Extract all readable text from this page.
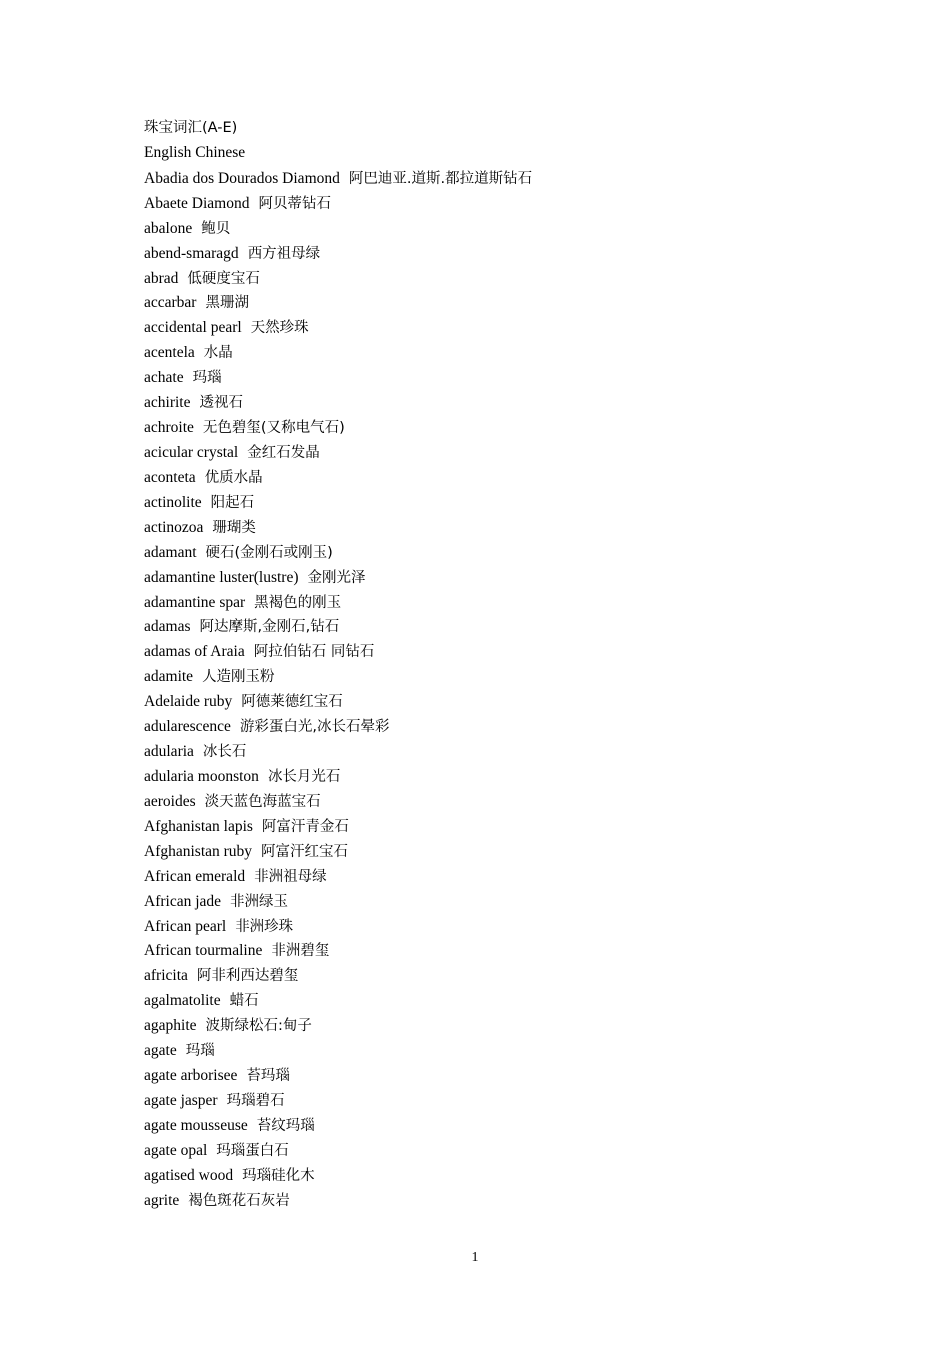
珠宝词汇(A-E)
English Chinese
Abadia dos Dourados Diamond 阿巴迪亚.道斯.都拉道斯钻石
Abaete Diamond 阿贝蒂钻石
abalone 鲍贝
abend-smaragd 西方祖母绿
abrad 低硬度宝石
accarbar 黑珊湖
accidental pearl 天然珍珠
acentela 水晶
achate 玛瑙
achirite 透视石
achroite 无色碧玺(又称电气石)
acicular crystal 金红石发晶
aconteta 优质水晶
actinolite 阳起石
actinozoa 珊瑚类
adamant 硬石(金刚石或刚玉)
adamantine luster(lustre) 金刚光泽
adamantine spar 黑褐色的刚玉
adamas 阿达摩斯,金刚石,钻石
adamas of Araia 阿拉伯钻石 同钻石
adamite 人造刚玉粉
Adelaide ruby 阿德莱德红宝石
adularescence 游彩蛋白光,冰长石晕彩
adularia 冰长石
adularia moonston 冰长月光石
aeroides 淡天蓝色海蓝宝石
Afghanistan lapis 阿富汗青金石
Afghanistan ruby 阿富汗红宝石
African emerald 非洲祖母绿
African jade 非洲绿玉
African pearl 非洲珍珠
African tourmaline 非洲碧玺
africita 阿非利西达碧玺
agalmatolite 蜡石
agaphite 波斯绿松石:甸子
agate 玛瑙
agate arborisee 苔玛瑙
agate jasper 玛瑙碧石
agate mousseuse 苔纹玛瑙
agate opal 玛瑙蛋白石
agatised wood 玛瑙硅化木
agrite 褐色斑花石灰岩
1
